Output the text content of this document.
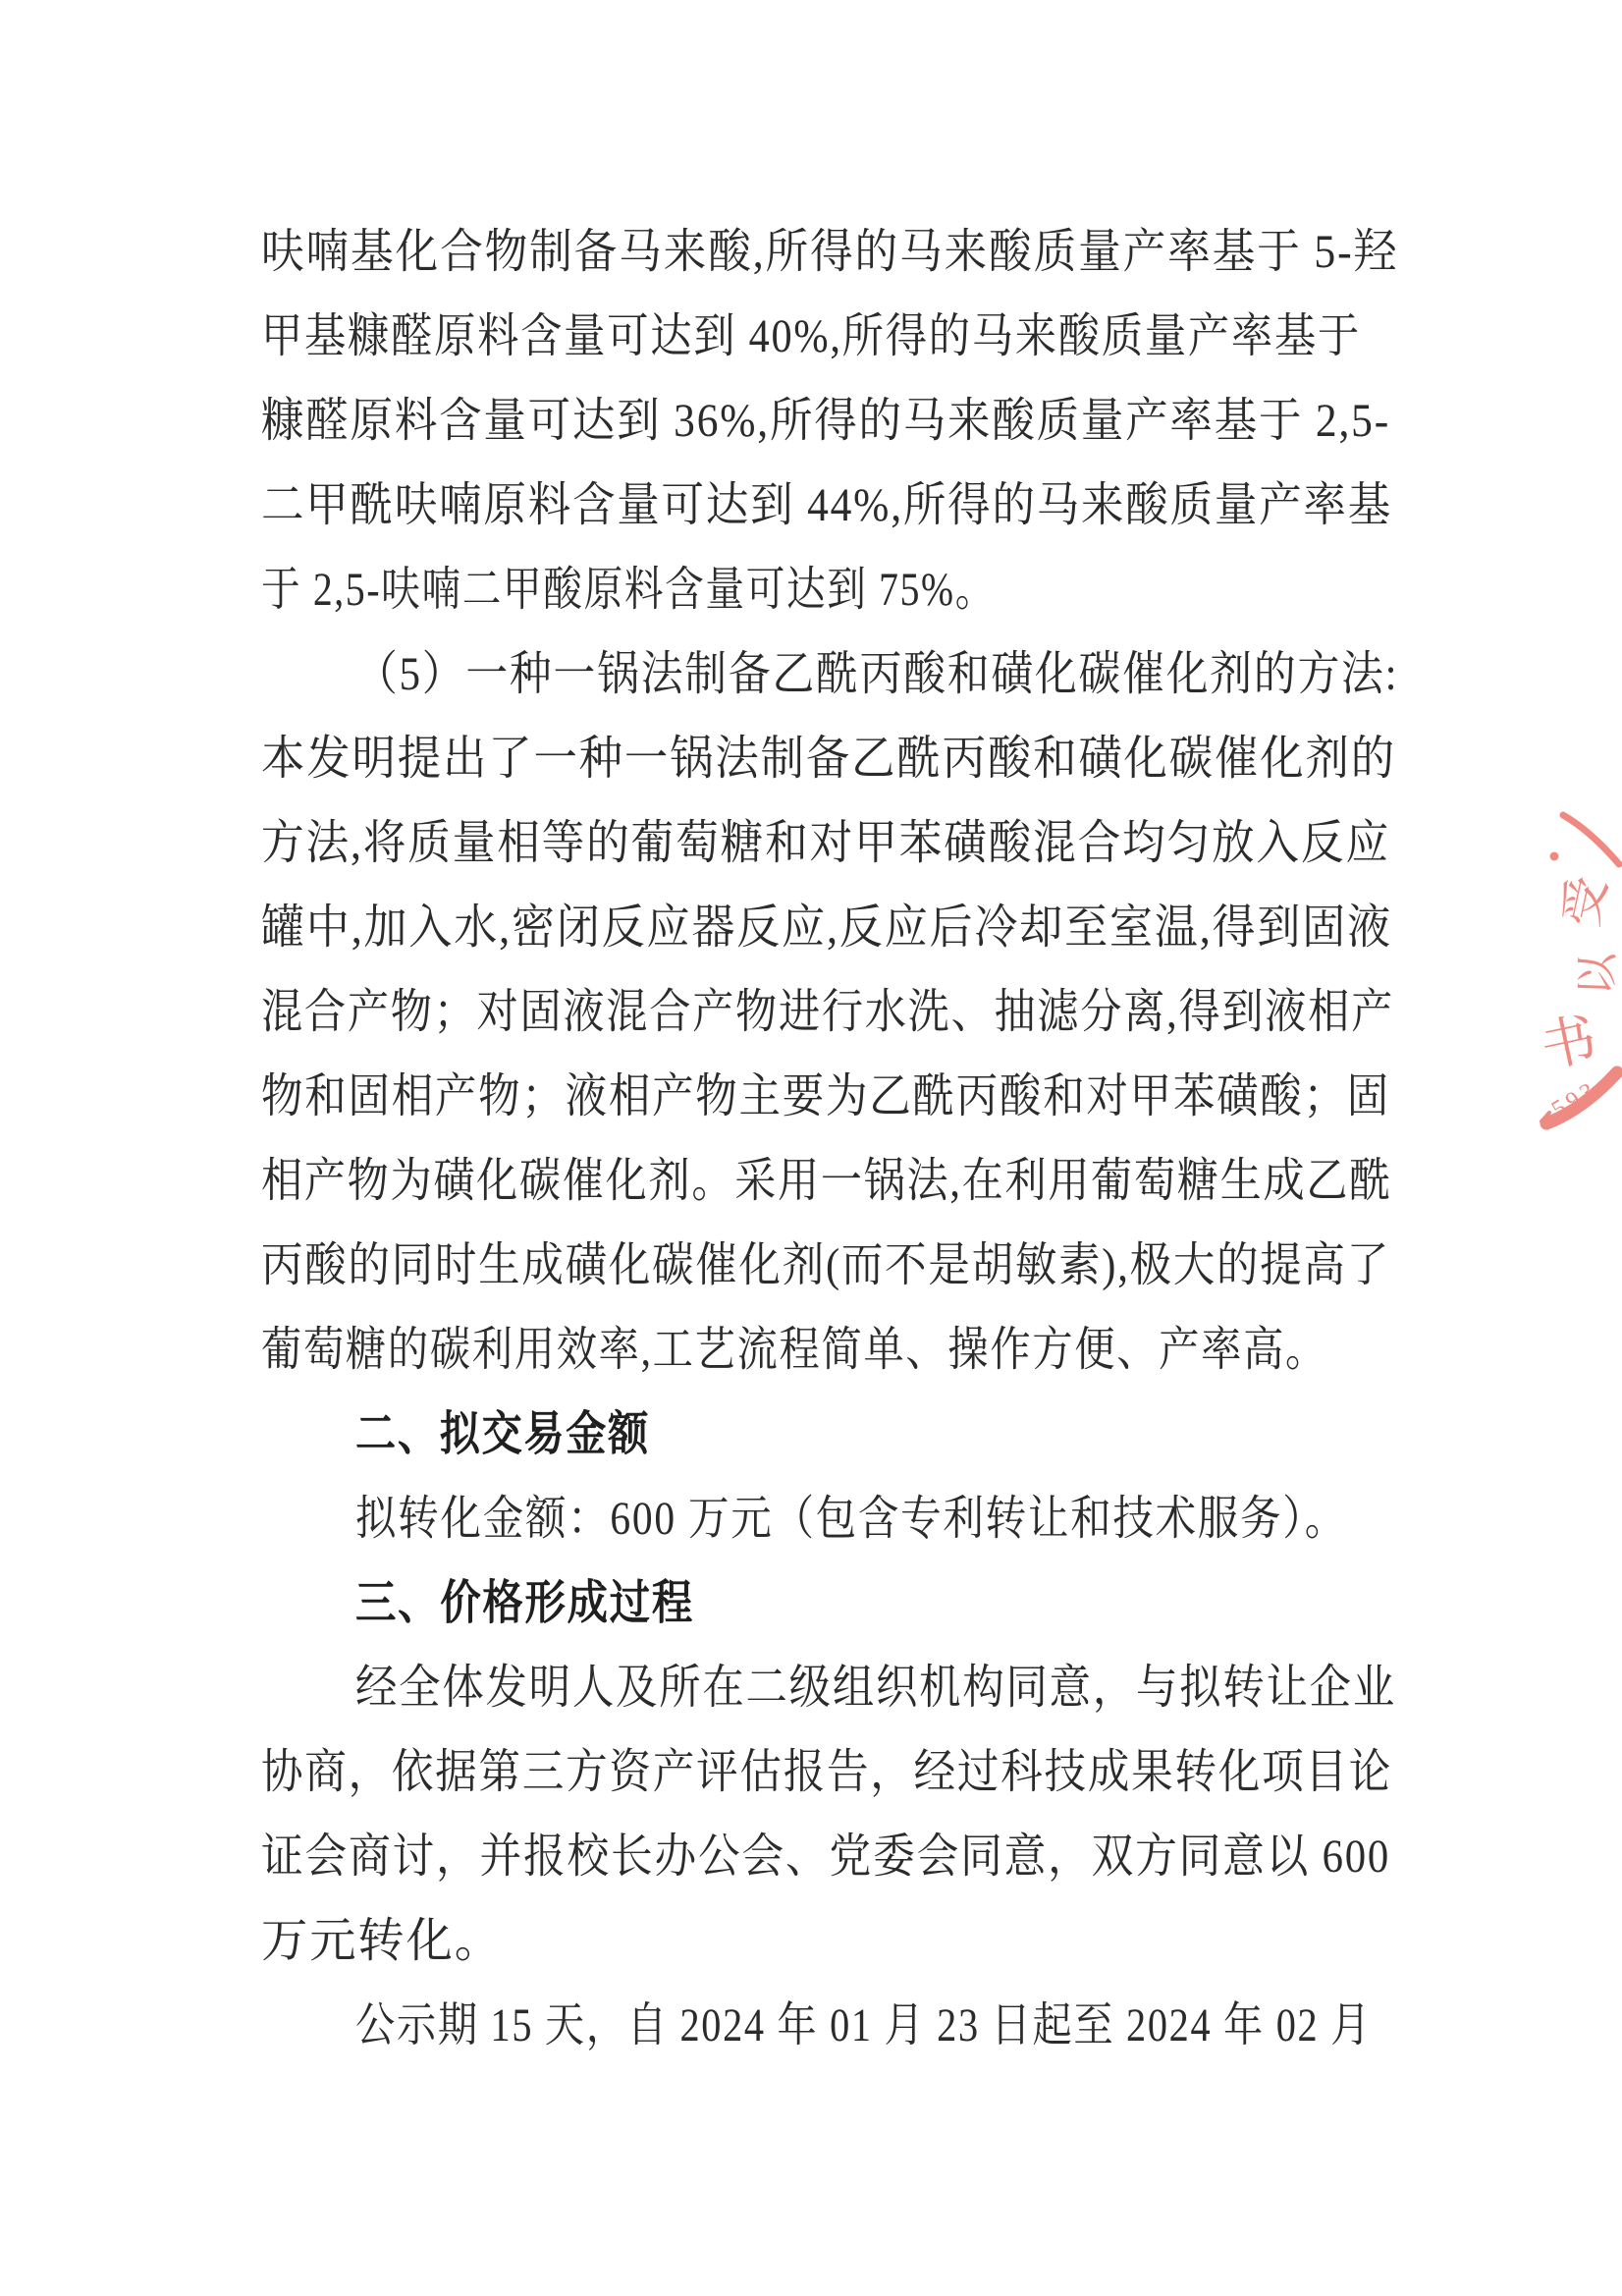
呋喃基化合物制备马来酸,所得的马来酸质量产率基于 5-羟
甲基糠醛原料含量可达到 40%,所得的马来酸质量产率基于
糠醛原料含量可达到 36%,所得的马来酸质量产率基于 2,5-
二甲酰呋喃原料含量可达到 44%,所得的马来酸质量产率基
于 2,5-呋喃二甲酸原料含量可达到 75%。
（5）一种一锅法制备乙酰丙酸和磺化碳催化剂的方法:
本发明提出了一种一锅法制备乙酰丙酸和磺化碳催化剂的
方法,将质量相等的葡萄糖和对甲苯磺酸混合均匀放入反应
罐中,加入水,密闭反应器反应,反应后冷却至室温,得到固液
混合产物；对固液混合产物进行水洗、抽滤分离,得到液相产
物和固相产物；液相产物主要为乙酰丙酸和对甲苯磺酸；固
相产物为磺化碳催化剂。采用一锅法,在利用葡萄糖生成乙酰
丙酸的同时生成磺化碳催化剂(而不是胡敏素),极大的提高了
葡萄糖的碳利用效率,工艺流程简单、操作方便、产率高。
二、拟交易金额
拟转化金额：600 万元（包含专利转让和技术服务）。
三、价格形成过程
经全体发明人及所在二级组织机构同意，与拟转让企业
协商，依据第三方资产评估报告，经过科技成果转化项目论
证会商讨，并报校长办公会、党委会同意，双方同意以 600
万元转化。
公示期 15 天，自 2024 年 01 月 23 日起至 2024 年 02 月
受
以
书
593
